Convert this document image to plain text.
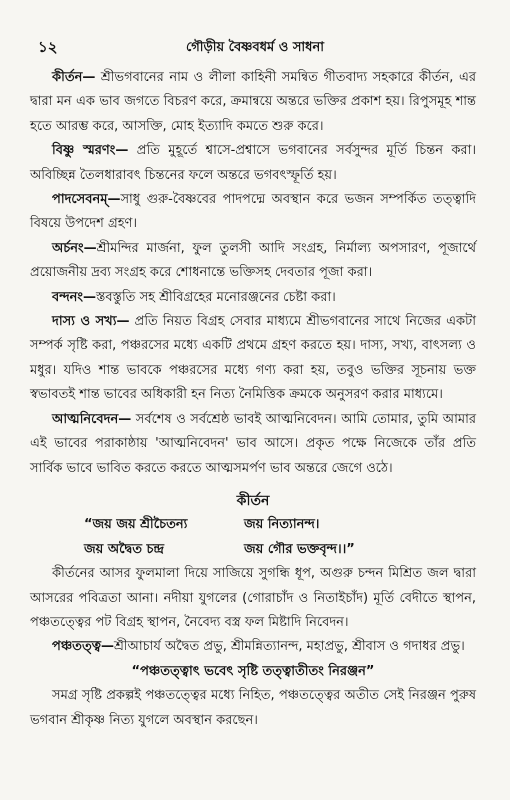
১২	গৌড়ীয় বৈষ্ণবধর্ম ও সাধনা

কীর্তন— শ্রীভগবানের নাম ও লীলা কাহিনী সমন্বিত গীতবাদ্য সহকারে কীর্তন, এর দ্বারা মন এক ভাব জগতে বিচরণ করে, ক্রমান্বয়ে অন্তরে ভক্তির প্রকাশ হয়। রিপুসমূহ শান্ত হতে আরম্ভ করে, আসক্তি, মোহ ইত্যাদি কমতে শুরু করে।

বিষ্ণু স্মরণং— প্রতি মুহূর্তে শ্বাসে-প্রশ্বাসে ভগবানের সর্বসুন্দর মূর্তি চিন্তন করা। অবিচ্ছিন্ন তৈলধারাবৎ চিন্তনের ফলে অন্তরে ভগবৎস্ফূর্তি হয়।

পাদসেবনম্—সাধু গুরু-বৈষ্ণবের পাদপদ্মে অবস্থান করে ভজন সম্পর্কিত তত্ত্বাদি বিষয়ে উপদেশ গ্রহণ।

অর্চনং—শ্রীমন্দির মার্জনা, ফুল তুলসী আদি সংগ্রহ, নির্মাল্য অপসারণ, পূজার্থে প্রয়োজনীয় দ্রব্য সংগ্রহ করে শোধনান্তে ভক্তিসহ দেবতার পূজা করা।

বন্দনং—স্তবস্তুতি সহ শ্রীবিগ্রহের মনোরঞ্জনের চেষ্টা করা।

দাস্য ও সখ্য— প্রতি নিয়ত বিগ্রহ সেবার মাধ্যমে শ্রীভগবানের সাথে নিজের একটা সম্পর্ক সৃষ্টি করা, পঞ্চরসের মধ্যে একটি প্রথমে গ্রহণ করতে হয়। দাস্য, সখ্য, বাৎসল্য ও মধুর। যদিও শান্ত ভাবকে পঞ্চরসের মধ্যে গণ্য করা হয়, তবুও ভক্তির সূচনায় ভক্ত স্বভাবতই শান্ত ভাবের অধিকারী হন নিত্য নৈমিত্তিক ক্রমকে অনুসরণ করার মাধ্যমে।

আত্মনিবেদন— সর্বশেষ ও সর্বশ্রেষ্ঠ ভাবই আত্মনিবেদন। আমি তোমার, তুমি আমার এই ভাবের পরাকাষ্ঠায় 'আত্মনিবেদন' ভাব আসে। প্রকৃত পক্ষে নিজেকে তাঁর প্রতি সার্বিক ভাবে ভাবিত করতে করতে আত্মসমর্পণ ভাব অন্তরে জেগে ওঠে।

কীর্তন
“জয় জয় শ্রীচৈতন্য	জয় নিত্যানন্দ।
জয় অদ্বৈত চন্দ্র	জয় গৌর ভক্তবৃন্দ।।”

কীর্তনের আসর ফুলমালা দিয়ে সাজিয়ে সুগন্ধি ধূপ, অগুরু চন্দন মিশ্রিত জল দ্বারা আসরের পবিত্রতা আনা। নদীয়া যুগলের (গোরাচাঁদ ও নিতাইচাঁদ) মূর্তি বেদীতে স্থাপন, পঞ্চতত্ত্বের পট বিগ্রহ স্থাপন, নৈবেদ্য বস্ত্র ফল মিষ্টাদি নিবেদন।

পঞ্চতত্ত্ব—শ্রীআচার্য অদ্বৈত প্রভু, শ্রীমন্নিত্যানন্দ, মহাপ্রভু, শ্রীবাস ও গদাধর প্রভু।

“পঞ্চতত্ত্বাৎ ভবেৎ সৃষ্টি তত্ত্বাতীতং নিরঞ্জন”

সমগ্র সৃষ্টি প্রকল্পই পঞ্চতত্ত্বের মধ্যে নিহিত, পঞ্চতত্ত্বের অতীত সেই নিরঞ্জন পুরুষ ভগবান শ্রীকৃষ্ণ নিত্য যুগলে অবস্থান করছেন।
